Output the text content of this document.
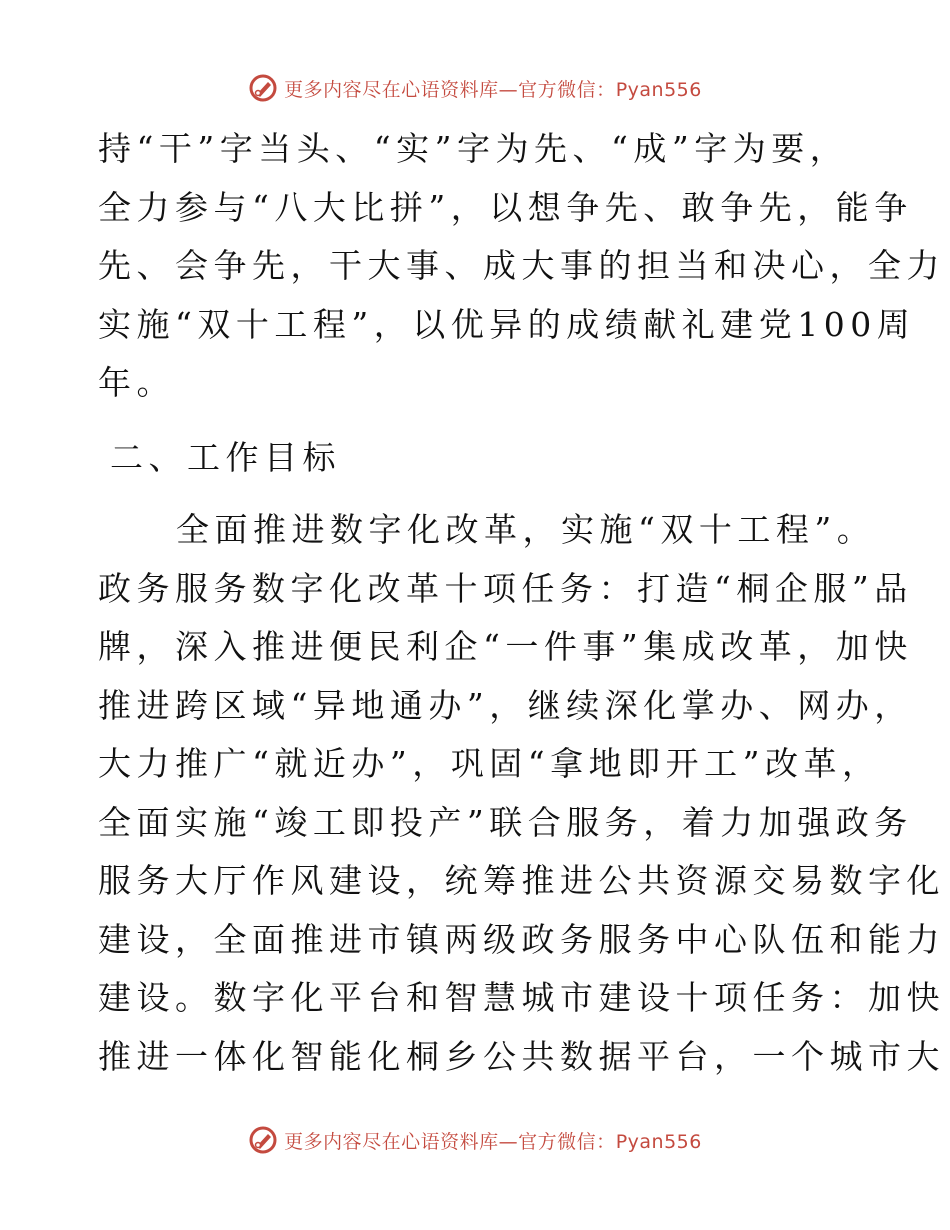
更多内容尽在心语资料库—官方微信：Pyan556
持“干”字当头、“实”字为先、“成”字为要，
全力参与“八大比拼”，以想争先、敢争先，能争
先、会争先，干大事、成大事的担当和决心，全力
实施“双十工程”，以优异的成绩献礼建党100周
年。
二、工作目标
全面推进数字化改革，实施“双十工程”。
政务服务数字化改革十项任务：打造“桐企服”品
牌，深入推进便民利企“一件事”集成改革，加快
推进跨区域“异地通办”，继续深化掌办、网办，
大力推广“就近办”，巩固“拿地即开工”改革，
全面实施“竣工即投产”联合服务，着力加强政务
服务大厅作风建设，统筹推进公共资源交易数字化
建设，全面推进市镇两级政务服务中心队伍和能力
建设。数字化平台和智慧城市建设十项任务：加快
推进一体化智能化桐乡公共数据平台，一个城市大
更多内容尽在心语资料库—官方微信：Pyan556
